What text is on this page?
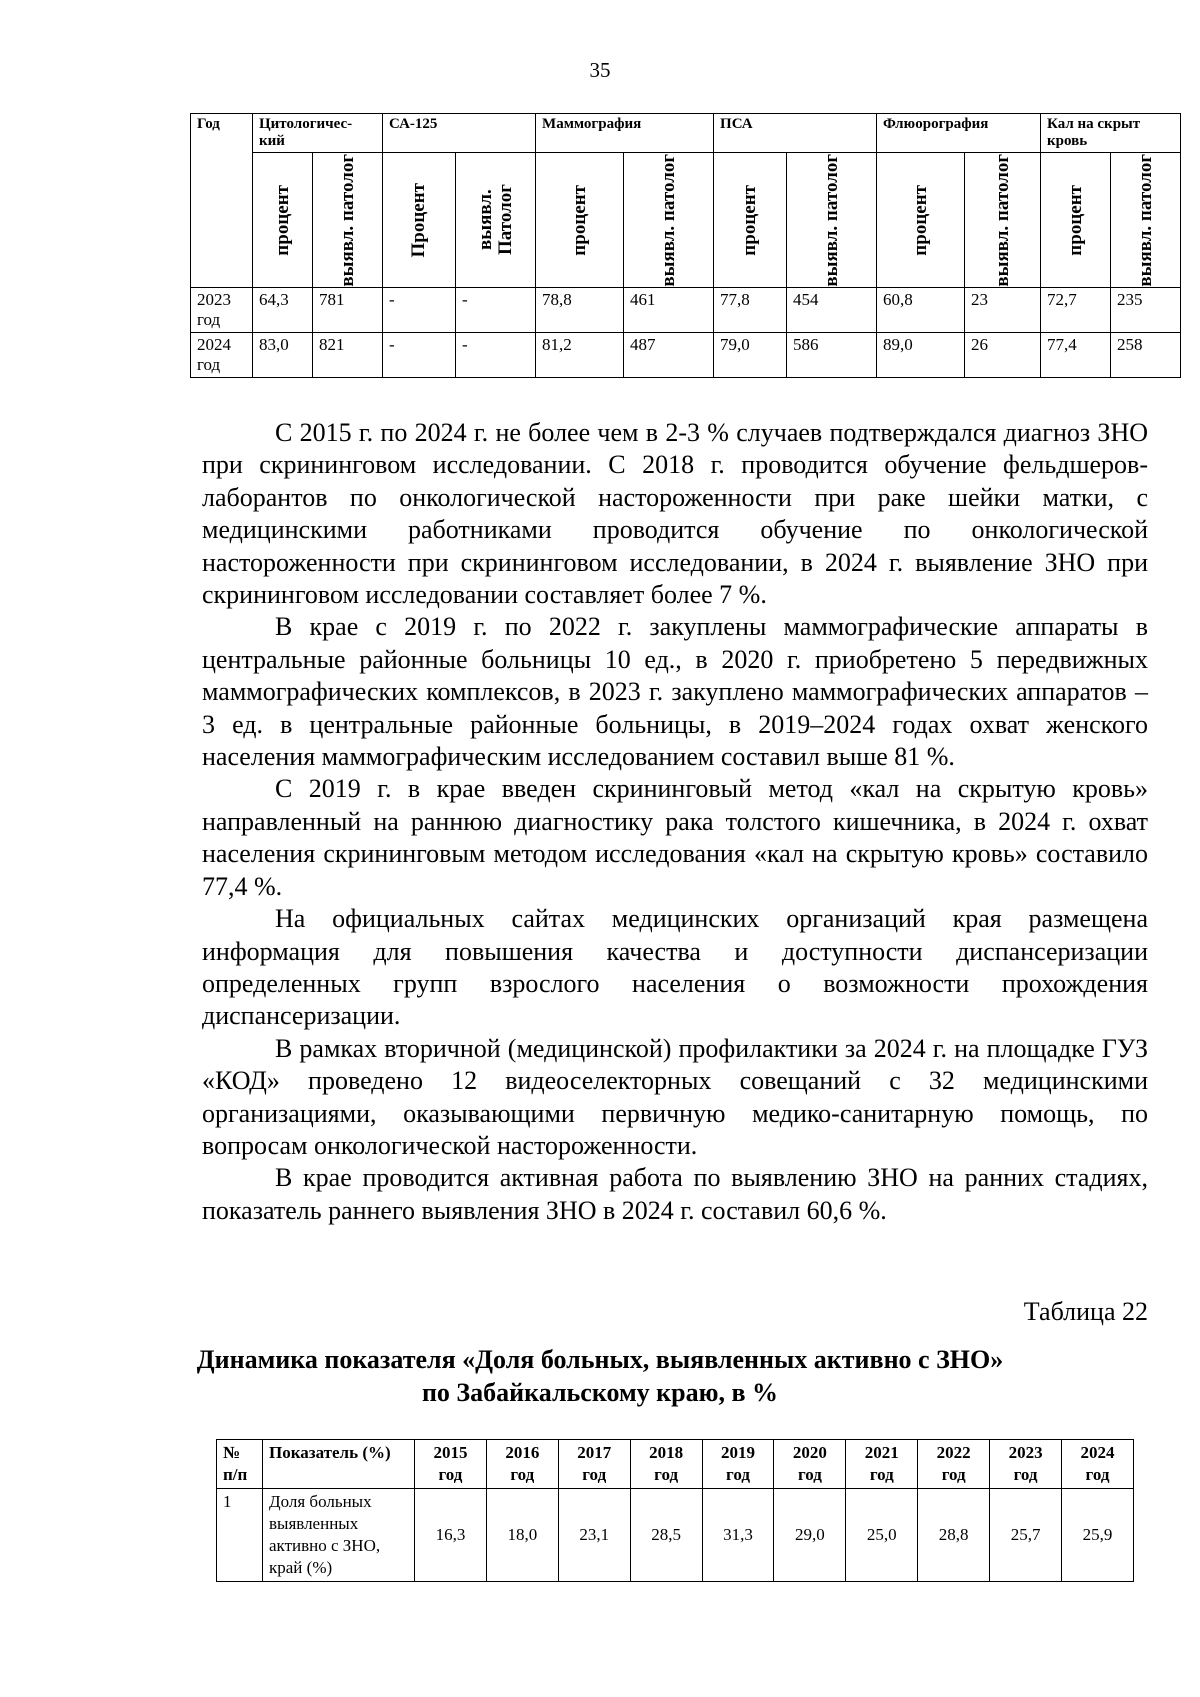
35
Год	Цитологичес-кий		СА-125		Маммография		ПСА		Флюорография		Кал на скрыт кровь	

	процент	выявл. патолог	Процент	выявл. Патолог	процент	выявл. патолог	процент	выявл. патолог	процент	выявл. патолог	процент	выявл. патолог

2023 год	64,3	781	-	-	78,8	461	77,8	454	60,8	23	72,7	235
2024 год	83,0	821	-	-	81,2	487	79,0	586	89,0	26	77,4	258

С 2015 г. по 2024 г. не более чем в 2-3 % случаев подтверждался диагноз ЗНО при скрининговом исследовании. С 2018 г. проводится обучение фельдшеров-лаборантов по онкологической настороженности при раке шейки матки, с медицинскими работниками проводится обучение по онкологической настороженности при скрининговом исследовании, в 2024 г. выявление ЗНО при скрининговом исследовании составляет более 7 %.

В крае с 2019 г. по 2022 г. закуплены маммографические аппараты в центральные районные больницы 10 ед., в 2020 г. приобретено 5 передвижных маммографических комплексов, в 2023 г. закуплено маммографических аппаратов – 3 ед. в центральные районные больницы, в 2019–2024 годах охват женского населения маммографическим исследованием составил выше 81 %.

С 2019 г. в крае введен скрининговый метод «кал на скрытую кровь» направленный на раннюю диагностику рака толстого кишечника, в 2024 г. охват населения скрининговым методом исследования «кал на скрытую кровь» составило 77,4 %.

На официальных сайтах медицинских организаций края размещена информация для повышения качества и доступности диспансеризации определенных групп взрослого населения о возможности прохождения диспансеризации.

В рамках вторичной (медицинской) профилактики за 2024 г. на площадке ГУЗ «КОД» проведено 12 видеоселекторных совещаний с 32 медицинскими организациями, оказывающими первичную медико-санитарную помощь, по вопросам онкологической настороженности.

В крае проводится активная работа по выявлению ЗНО на ранних стадиях, показатель раннего выявления ЗНО в 2024 г. составил 60,6 %.

Таблица 22
Динамика показателя «Доля больных, выявленных активно с ЗНО»
по Забайкальскому краю, в %
№ п/п	Показатель (%)	2015 год	2016 год	2017 год	2018 год	2019 год	2020 год	2021 год	2022 год	2023 год	2024 год
1	Доля больных выявленных активно с ЗНО, край (%)	16,3	18,0	23,1	28,5	31,3	29,0	25,0	28,8	25,7	25,9
